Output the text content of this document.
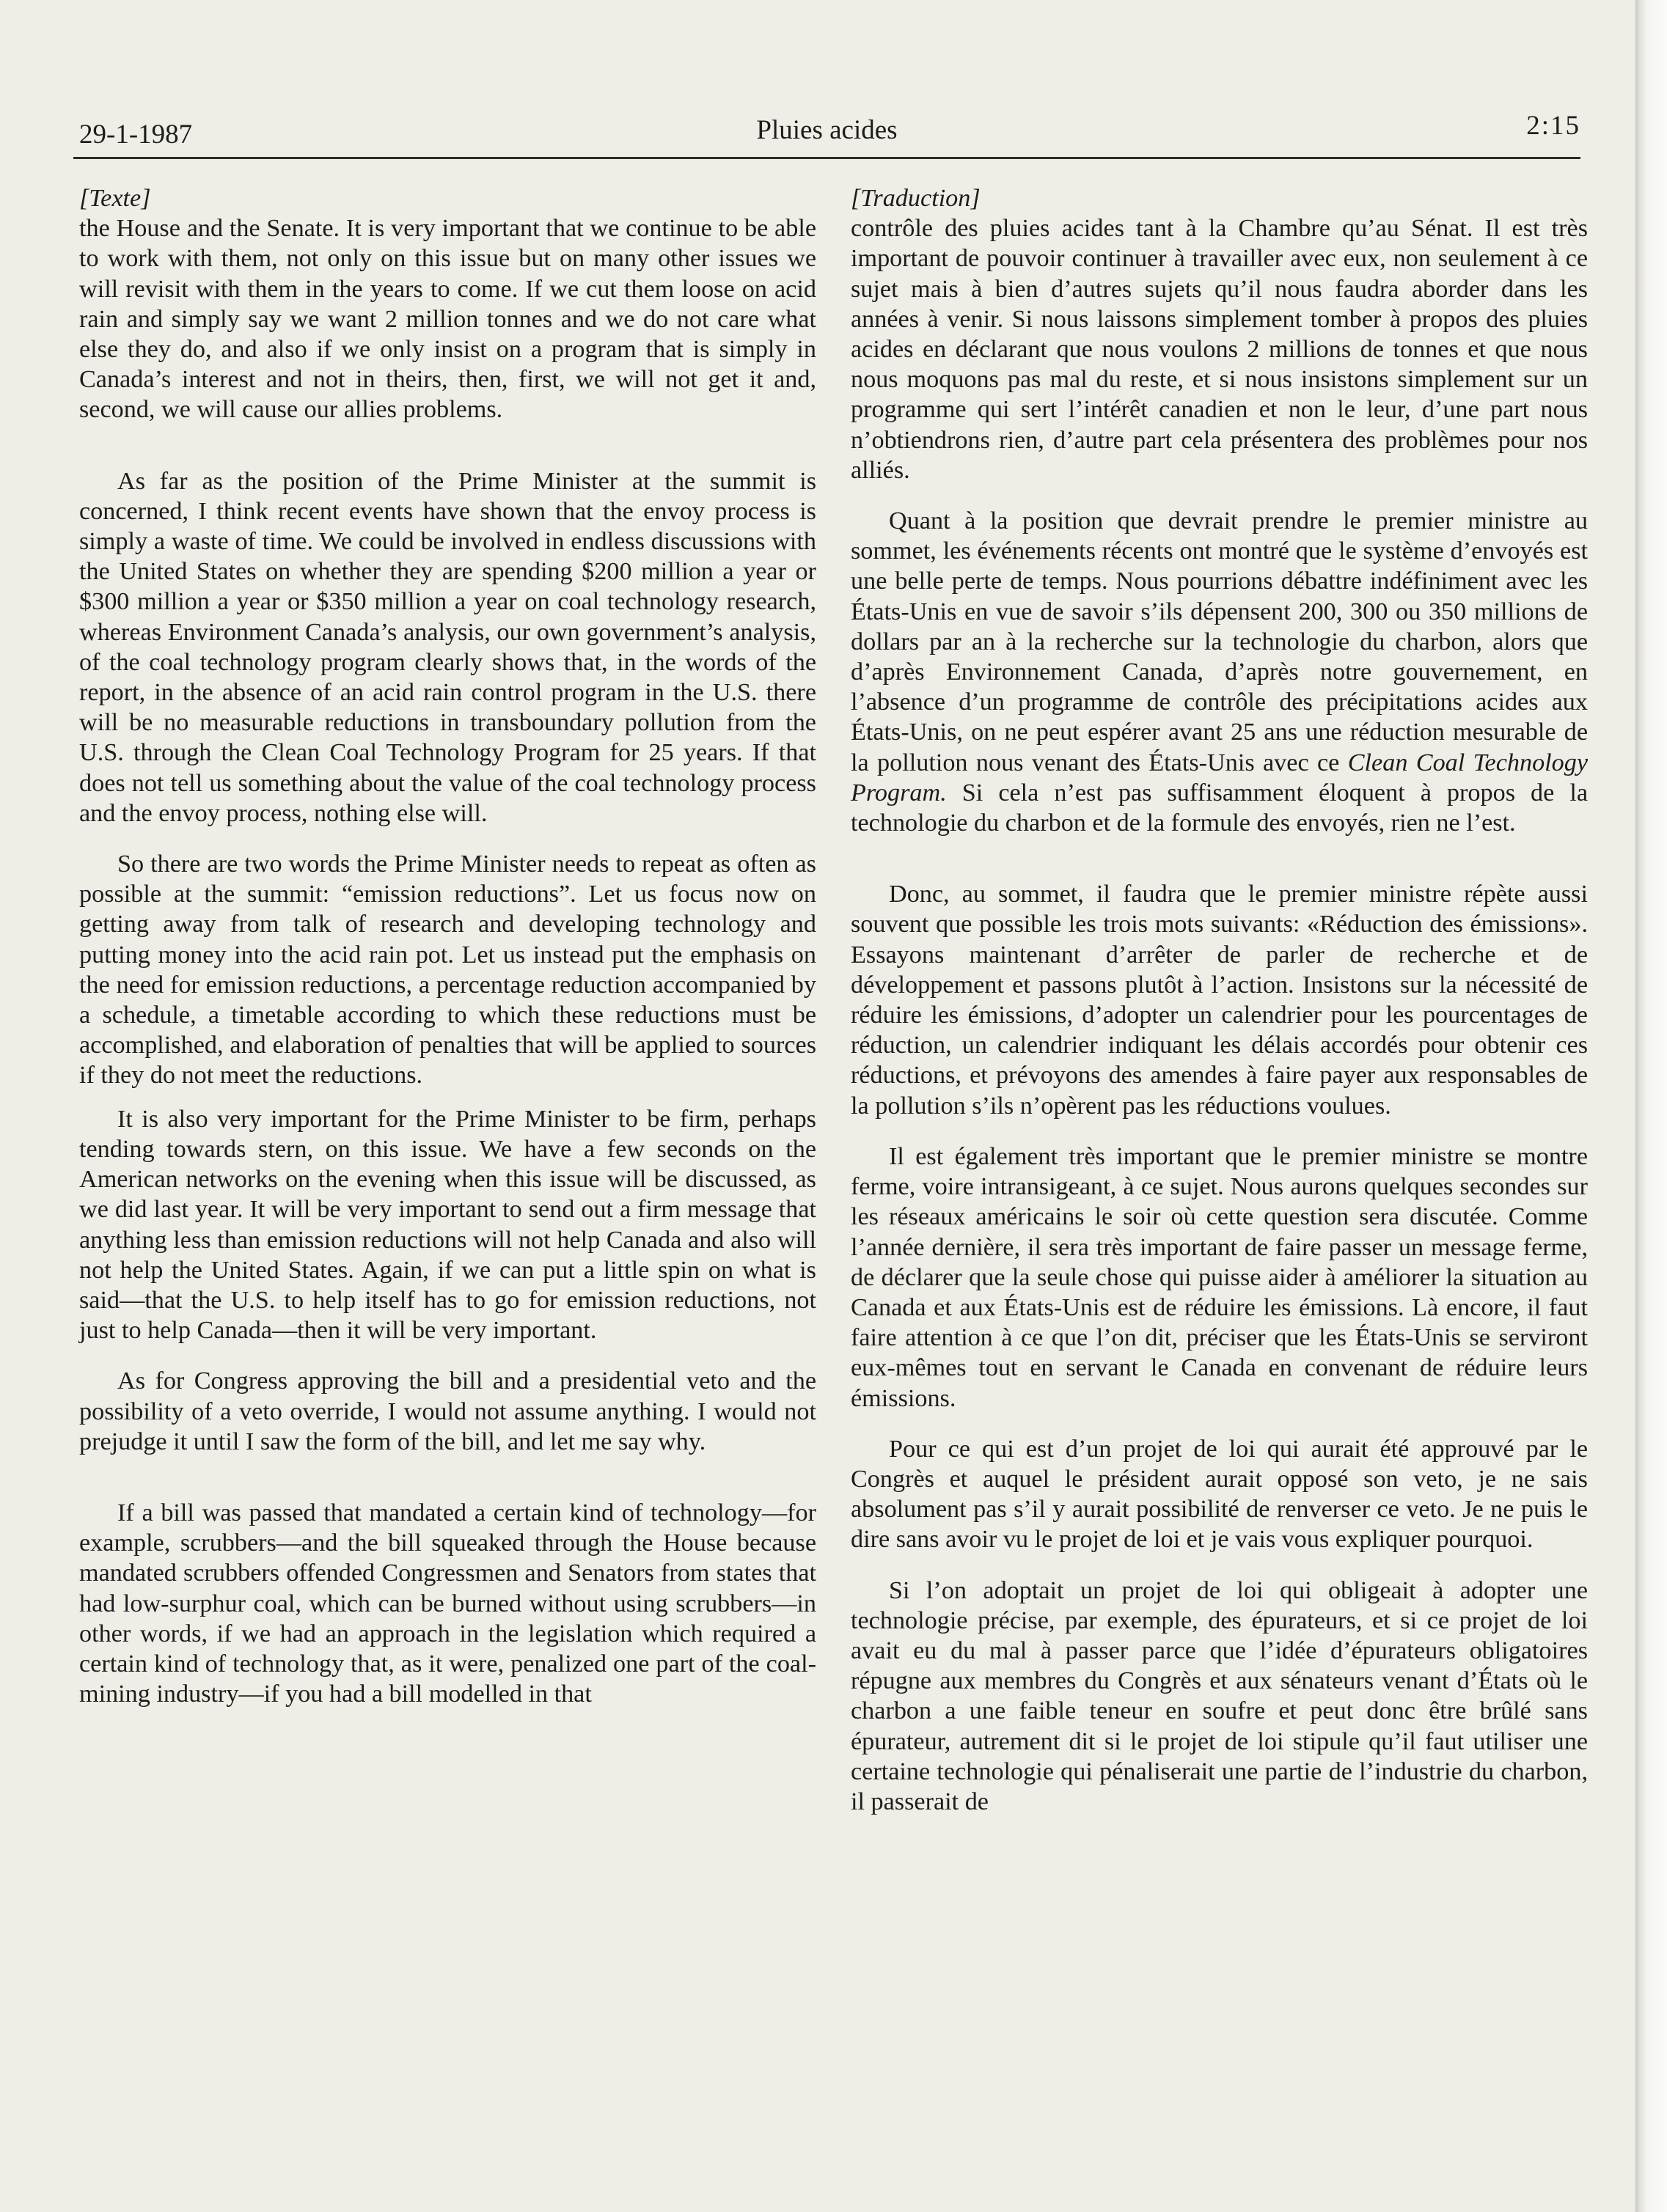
29-1-1987	Pluies acides	2:15

[Texte]

the House and the Senate. It is very important that we continue to be able to work with them, not only on this issue but on many other issues we will revisit with them in the years to come. If we cut them loose on acid rain and simply say we want 2 million tonnes and we do not care what else they do, and also if we only insist on a program that is simply in Canada’s interest and not in theirs, then, first, we will not get it and, second, we will cause our allies problems.

As far as the position of the Prime Minister at the summit is concerned, I think recent events have shown that the envoy process is simply a waste of time. We could be involved in endless discussions with the United States on whether they are spending $200 million a year or $300 million a year or $350 million a year on coal technology research, whereas Environment Canada’s analysis, our own government’s analysis, of the coal technology program clearly shows that, in the words of the report, in the absence of an acid rain control program in the U.S. there will be no measurable reductions in transboundary pollution from the U.S. through the Clean Coal Technology Program for 25 years. If that does not tell us something about the value of the coal technology process and the envoy process, nothing else will.

So there are two words the Prime Minister needs to repeat as often as possible at the summit: “emission reductions”. Let us focus now on getting away from talk of research and developing technology and putting money into the acid rain pot. Let us instead put the emphasis on the need for emission reductions, a percentage reduction accompanied by a schedule, a timetable according to which these reductions must be accomplished, and elaboration of penalties that will be applied to sources if they do not meet the reductions.

It is also very important for the Prime Minister to be firm, perhaps tending towards stern, on this issue. We have a few seconds on the American networks on the evening when this issue will be discussed, as we did last year. It will be very important to send out a firm message that anything less than emission reductions will not help Canada and also will not help the United States. Again, if we can put a little spin on what is said—that the U.S. to help itself has to go for emission reductions, not just to help Canada—then it will be very important.

As for Congress approving the bill and a presidential veto and the possibility of a veto override, I would not assume anything. I would not prejudge it until I saw the form of the bill, and let me say why.

If a bill was passed that mandated a certain kind of technology—for example, scrubbers—and the bill squeaked through the House because mandated scrubbers offended Congressmen and Senators from states that had low-surphur coal, which can be burned without using scrubbers—in other words, if we had an approach in the legislation which required a certain kind of technology that, as it were, penalized one part of the coal-mining industry—if you had a bill modelled in that

[Traduction]

contrôle des pluies acides tant à la Chambre qu’au Sénat. Il est très important de pouvoir continuer à travailler avec eux, non seulement à ce sujet mais à bien d’autres sujets qu’il nous faudra aborder dans les années à venir. Si nous laissons simplement tomber à propos des pluies acides en déclarant que nous voulons 2 millions de tonnes et que nous nous moquons pas mal du reste, et si nous insistons simplement sur un programme qui sert l’intérêt canadien et non le leur, d’une part nous n’obtiendrons rien, d’autre part cela présentera des problèmes pour nos alliés.

Quant à la position que devrait prendre le premier ministre au sommet, les événements récents ont montré que le système d’envoyés est une belle perte de temps. Nous pourrions débattre indéfiniment avec les États-Unis en vue de savoir s’ils dépensent 200, 300 ou 350 millions de dollars par an à la recherche sur la technologie du charbon, alors que d’après Environnement Canada, d’après notre gouvernement, en l’absence d’un programme de contrôle des précipitations acides aux États-Unis, on ne peut espérer avant 25 ans une réduction mesurable de la pollution nous venant des États-Unis avec ce Clean Coal Technology Program. Si cela n’est pas suffisamment éloquent à propos de la technologie du charbon et de la formule des envoyés, rien ne l’est.

Donc, au sommet, il faudra que le premier ministre répète aussi souvent que possible les trois mots suivants: «Réduction des émissions». Essayons maintenant d’arrêter de parler de recherche et de développement et passons plutôt à l’action. Insistons sur la nécessité de réduire les émissions, d’adopter un calendrier pour les pourcentages de réduction, un calendrier indiquant les délais accordés pour obtenir ces réductions, et prévoyons des amendes à faire payer aux responsables de la pollution s’ils n’opèrent pas les réductions voulues.

Il est également très important que le premier ministre se montre ferme, voire intransigeant, à ce sujet. Nous aurons quelques secondes sur les réseaux américains le soir où cette question sera discutée. Comme l’année dernière, il sera très important de faire passer un message ferme, de déclarer que la seule chose qui puisse aider à améliorer la situation au Canada et aux États-Unis est de réduire les émissions. Là encore, il faut faire attention à ce que l’on dit, préciser que les États-Unis se serviront eux-mêmes tout en servant le Canada en convenant de réduire leurs émissions.

Pour ce qui est d’un projet de loi qui aurait été approuvé par le Congrès et auquel le président aurait opposé son veto, je ne sais absolument pas s’il y aurait possibilité de renverser ce veto. Je ne puis le dire sans avoir vu le projet de loi et je vais vous expliquer pourquoi.

Si l’on adoptait un projet de loi qui obligeait à adopter une technologie précise, par exemple, des épurateurs, et si ce projet de loi avait eu du mal à passer parce que l’idée d’épurateurs obligatoires répugne aux membres du Congrès et aux sénateurs venant d’États où le charbon a une faible teneur en soufre et peut donc être brûlé sans épurateur, autrement dit si le projet de loi stipule qu’il faut utiliser une certaine technologie qui pénaliserait une partie de l’industrie du charbon, il passerait de
